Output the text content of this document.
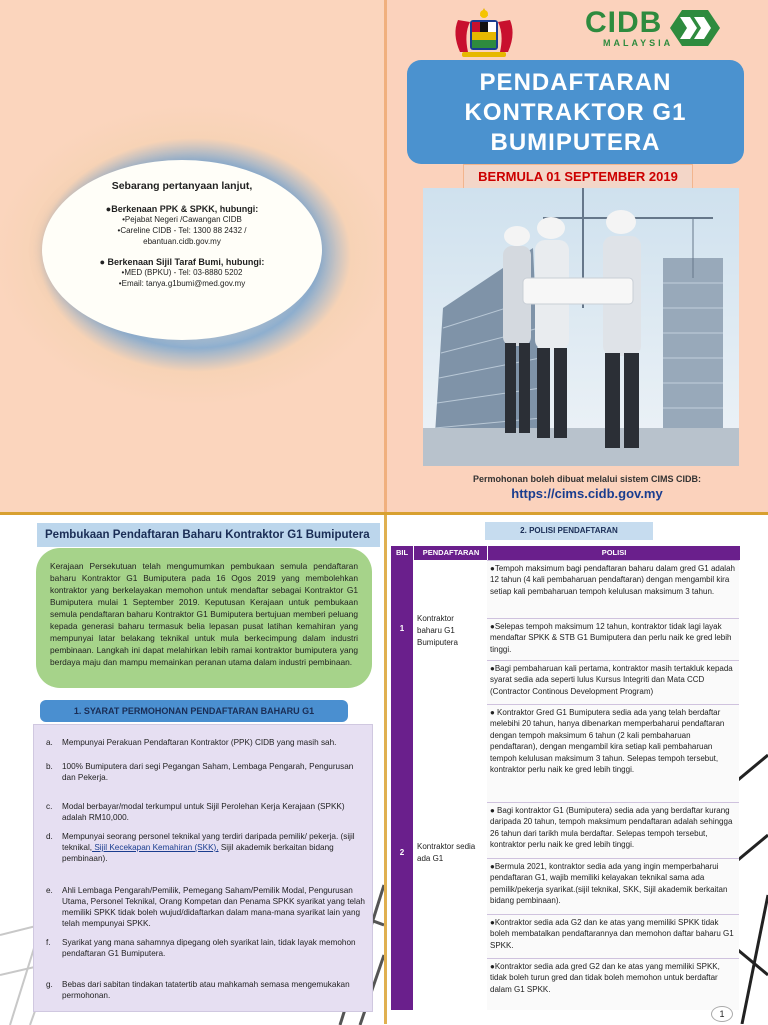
Sebarang pertanyaan lanjut,
●Berkenaan PPK & SPKK, hubungi:
•Pejabat Negeri /Cawangan CIDB
•Careline CIDB - Tel: 1300 88 2432 /
ebantuan.cidb.gov.my
● Berkenaan Sijil Taraf Bumi, hubungi:
•MED (BPKU) - Tel: 03-8880 5202
•Email: tanya.g1bumi@med.gov.my
CIDB
MALAYSIA
PENDAFTARAN
KONTRAKTOR G1
BUMIPUTERA
BERMULA 01 SEPTEMBER 2019
Permohonan boleh dibuat melalui sistem CIMS CIDB:
https://cims.cidb.gov.my
Pembukaan Pendaftaran Baharu Kontraktor G1 Bumiputera
Kerajaan Persekutuan telah mengumumkan pembukaan semula pendaftaran baharu Kontraktor G1 Bumiputera pada 16 Ogos 2019 yang membolehkan kontraktor yang berkelayakan memohon untuk mendaftar sebagai Kontraktor G1 Bumiputera mulai 1 September 2019. Keputusan Kerajaan untuk pembukaan semula pendaftaran baharu Kontraktor G1 Bumiputera bertujuan memberi peluang kepada generasi baharu termasuk belia lepasan pusat latihan kemahiran yang mempunyai latar belakang teknikal untuk mula berkecimpung dalam industri pembinaan. Langkah ini dapat melahirkan lebih ramai kontraktor bumiputera yang berdaya maju dan mampu memainkan peranan utama dalam industri pembinaan.
1. SYARAT PERMOHONAN PENDAFTARAN BAHARU G1
a. Mempunyai Perakuan Pendaftaran Kontraktor (PPK) CIDB yang masih sah.
b. 100% Bumiputera dari segi Pegangan Saham, Lembaga Pengarah, Pengurusan dan Pekerja.
c. Modal berbayar/modal terkumpul untuk Sijil Perolehan Kerja Kerajaan (SPKK) adalah RM10,000.
d. Mempunyai seorang personel teknikal yang terdiri daripada pemilik/ pekerja. (sijil teknikal, Sijil Kecekapan Kemahiran (SKK), Sijil akademik berkaitan bidang pembinaan).
e. Ahli Lembaga Pengarah/Pemilik, Pemegang Saham/Pemilik Modal, Pengurusan Utama, Personel Teknikal, Orang Kompetan dan Penama SPKK syarikat yang telah memiliki SPKK tidak boleh wujud/didaftarkan dalam mana-mana syarikat lain yang telah mempunyai SPKK.
f. Syarikat yang mana sahamnya dipegang oleh syarikat lain, tidak layak memohon pendaftaran G1 Bumiputera.
g. Bebas dari sabitan tindakan tatatertib atau mahkamah semasa mengemukakan permohonan.
2. POLISI PENDAFTARAN
BIL	PENDAFTARAN	POLISI
1
Kontraktor
baharu G1
Bumiputera
●Tempoh maksimum bagi pendaftaran baharu dalam gred G1 adalah 12 tahun (4 kali pembaharuan pendaftaran) dengan mengambil kira setiap kali pembaharuan tempoh kelulusan maksimum 3 tahun.
●Selepas tempoh maksimum 12 tahun, kontraktor tidak lagi layak mendaftar SPKK & STB G1 Bumiputera dan perlu naik ke gred lebih tinggi.
●Bagi pembaharuan kali pertama, kontraktor masih tertakluk kepada syarat sedia ada seperti lulus Kursus Integriti dan Mata CCD (Contractor Continous Development Program)
2
Kontraktor sedia
ada G1
● Kontraktor Gred G1 Bumiputera sedia ada yang telah berdaftar melebihi 20 tahun, hanya dibenarkan memperbaharui pendaftaran dengan tempoh maksimum 6 tahun (2 kali pembaharuan pendaftaran), dengan mengambil kira setiap kali pembaharuan tempoh kelulusan maksimum 3 tahun. Selepas tempoh tersebut, kontraktor perlu naik ke gred lebih tinggi.
● Bagi kontraktor G1 (Bumiputera) sedia ada yang berdaftar kurang daripada 20 tahun, tempoh maksimum pendaftaran adalah sehingga 26 tahun dari tarikh mula berdaftar. Selepas tempoh tersebut, kontraktor perlu naik ke gred lebih tinggi.
●Bermula 2021, kontraktor sedia ada yang ingin memperbaharui pendaftaran G1, wajib memiliki kelayakan teknikal sama ada pemilik/pekerja syarikat.(sijil teknikal, SKK, Sijil akademik berkaitan bidang pembinaan).
●Kontraktor sedia ada G2 dan ke atas yang memiliki SPKK tidak boleh membatalkan pendaftarannya dan memohon daftar baharu G1 SPKK.
●Kontraktor sedia ada gred G2 dan ke atas yang memiliki SPKK, tidak boleh turun gred dan tidak boleh memohon untuk berdaftar dalam G1 SPKK.
1
